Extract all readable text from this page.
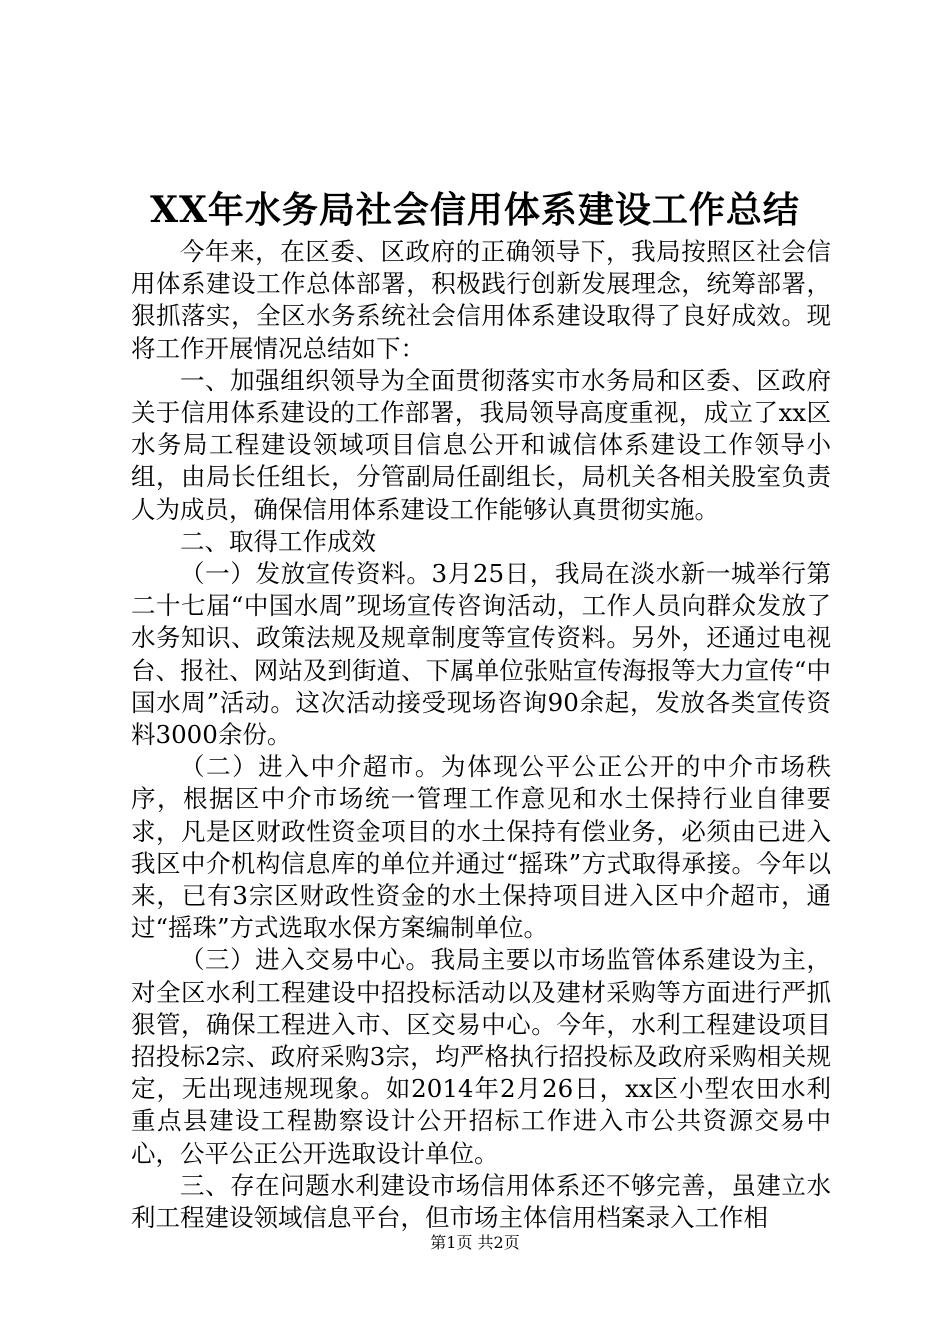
XX年水务局社会信用体系建设工作总结

今年来，在区委、区政府的正确领导下，我局按照区社会信用体系建设工作总体部署，积极践行创新发展理念，统筹部署，狠抓落实，全区水务系统社会信用体系建设取得了良好成效。现将工作开展情况总结如下：

一、加强组织领导为全面贯彻落实市水务局和区委、区政府关于信用体系建设的工作部署，我局领导高度重视，成立了xx区水务局工程建设领域项目信息公开和诚信体系建设工作领导小组，由局长任组长，分管副局任副组长，局机关各相关股室负责人为成员，确保信用体系建设工作能够认真贯彻实施。

二、取得工作成效

（一）发放宣传资料。3月25日，我局在淡水新一城举行第二十七届“中国水周”现场宣传咨询活动，工作人员向群众发放了水务知识、政策法规及规章制度等宣传资料。另外，还通过电视台、报社、网站及到街道、下属单位张贴宣传海报等大力宣传“中国水周”活动。这次活动接受现场咨询90余起，发放各类宣传资料3000余份。

（二）进入中介超市。为体现公平公正公开的中介市场秩序，根据区中介市场统一管理工作意见和水土保持行业自律要求，凡是区财政性资金项目的水土保持有偿业务，必须由已进入我区中介机构信息库的单位并通过“摇珠”方式取得承接。今年以来，已有3宗区财政性资金的水土保持项目进入区中介超市，通过“摇珠”方式选取水保方案编制单位。

（三）进入交易中心。我局主要以市场监管体系建设为主，对全区水利工程建设中招投标活动以及建材采购等方面进行严抓狠管，确保工程进入市、区交易中心。今年，水利工程建设项目招投标2宗、政府采购3宗，均严格执行招投标及政府采购相关规定，无出现违规现象。如2014年2月26日，xx区小型农田水利重点县建设工程勘察设计公开招标工作进入市公共资源交易中心，公平公正公开选取设计单位。

三、存在问题水利建设市场信用体系还不够完善，虽建立水利工程建设领域信息平台，但市场主体信用档案录入工作相

第1页 共2页
